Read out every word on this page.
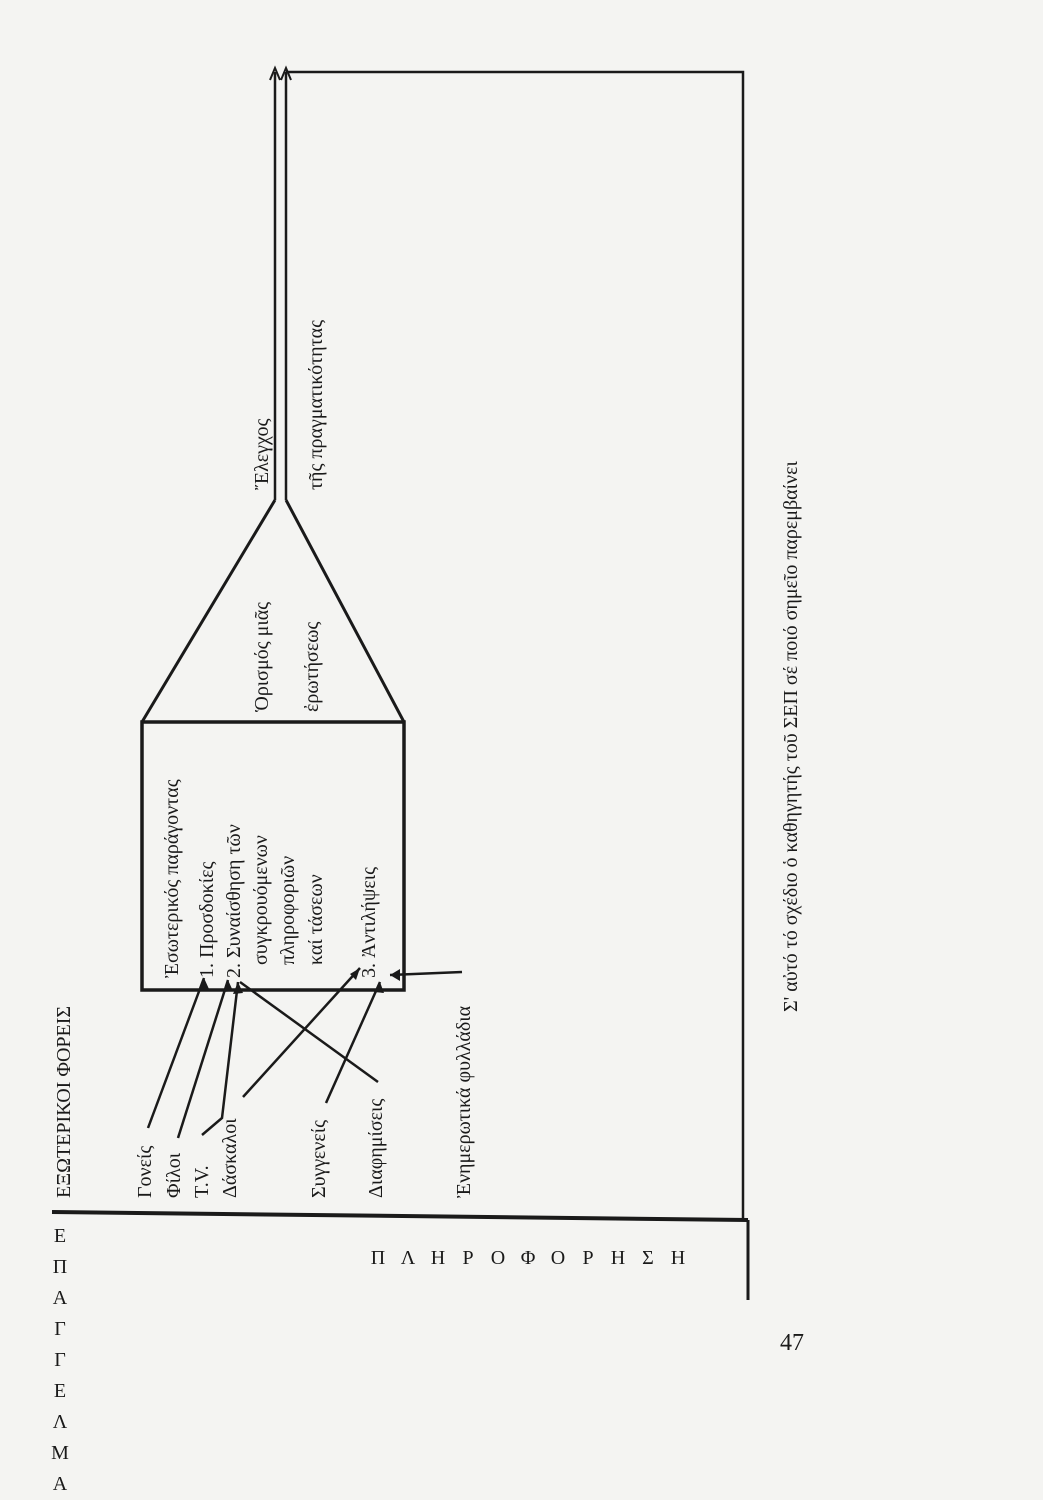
Ε
Π
Α
Γ
Γ
Ε
Λ
Μ
Α
Π Λ Η Ρ Ο Φ Ο Ρ Η Σ Η
ΕΞΩΤΕΡΙΚΟΙ ΦΟΡΕΙΣ	Γονείς Φίλοι Τ.V. Δάσκαλοι	Συγγενείς Διαφημίσεις	Ἐνημερωτικά φυλλάδια
1. Προσδοκίες 2. Συναίσθηση τῶν συγκρουόμενων πληροφοριῶν καί τάσεων 3. Ἀντιλήψεις
Ἐσωτερικός παράγοντας
Ὁρισμός μιᾶς ἐρωτήσεως
Ἔλεγχος τῆς πραγματικότητας
Σ' αὐτό τό σχέδιο ὁ καθηγητής τοῦ ΣΕΠ σέ ποιό σημεῖο παρεμβαίνει
47
